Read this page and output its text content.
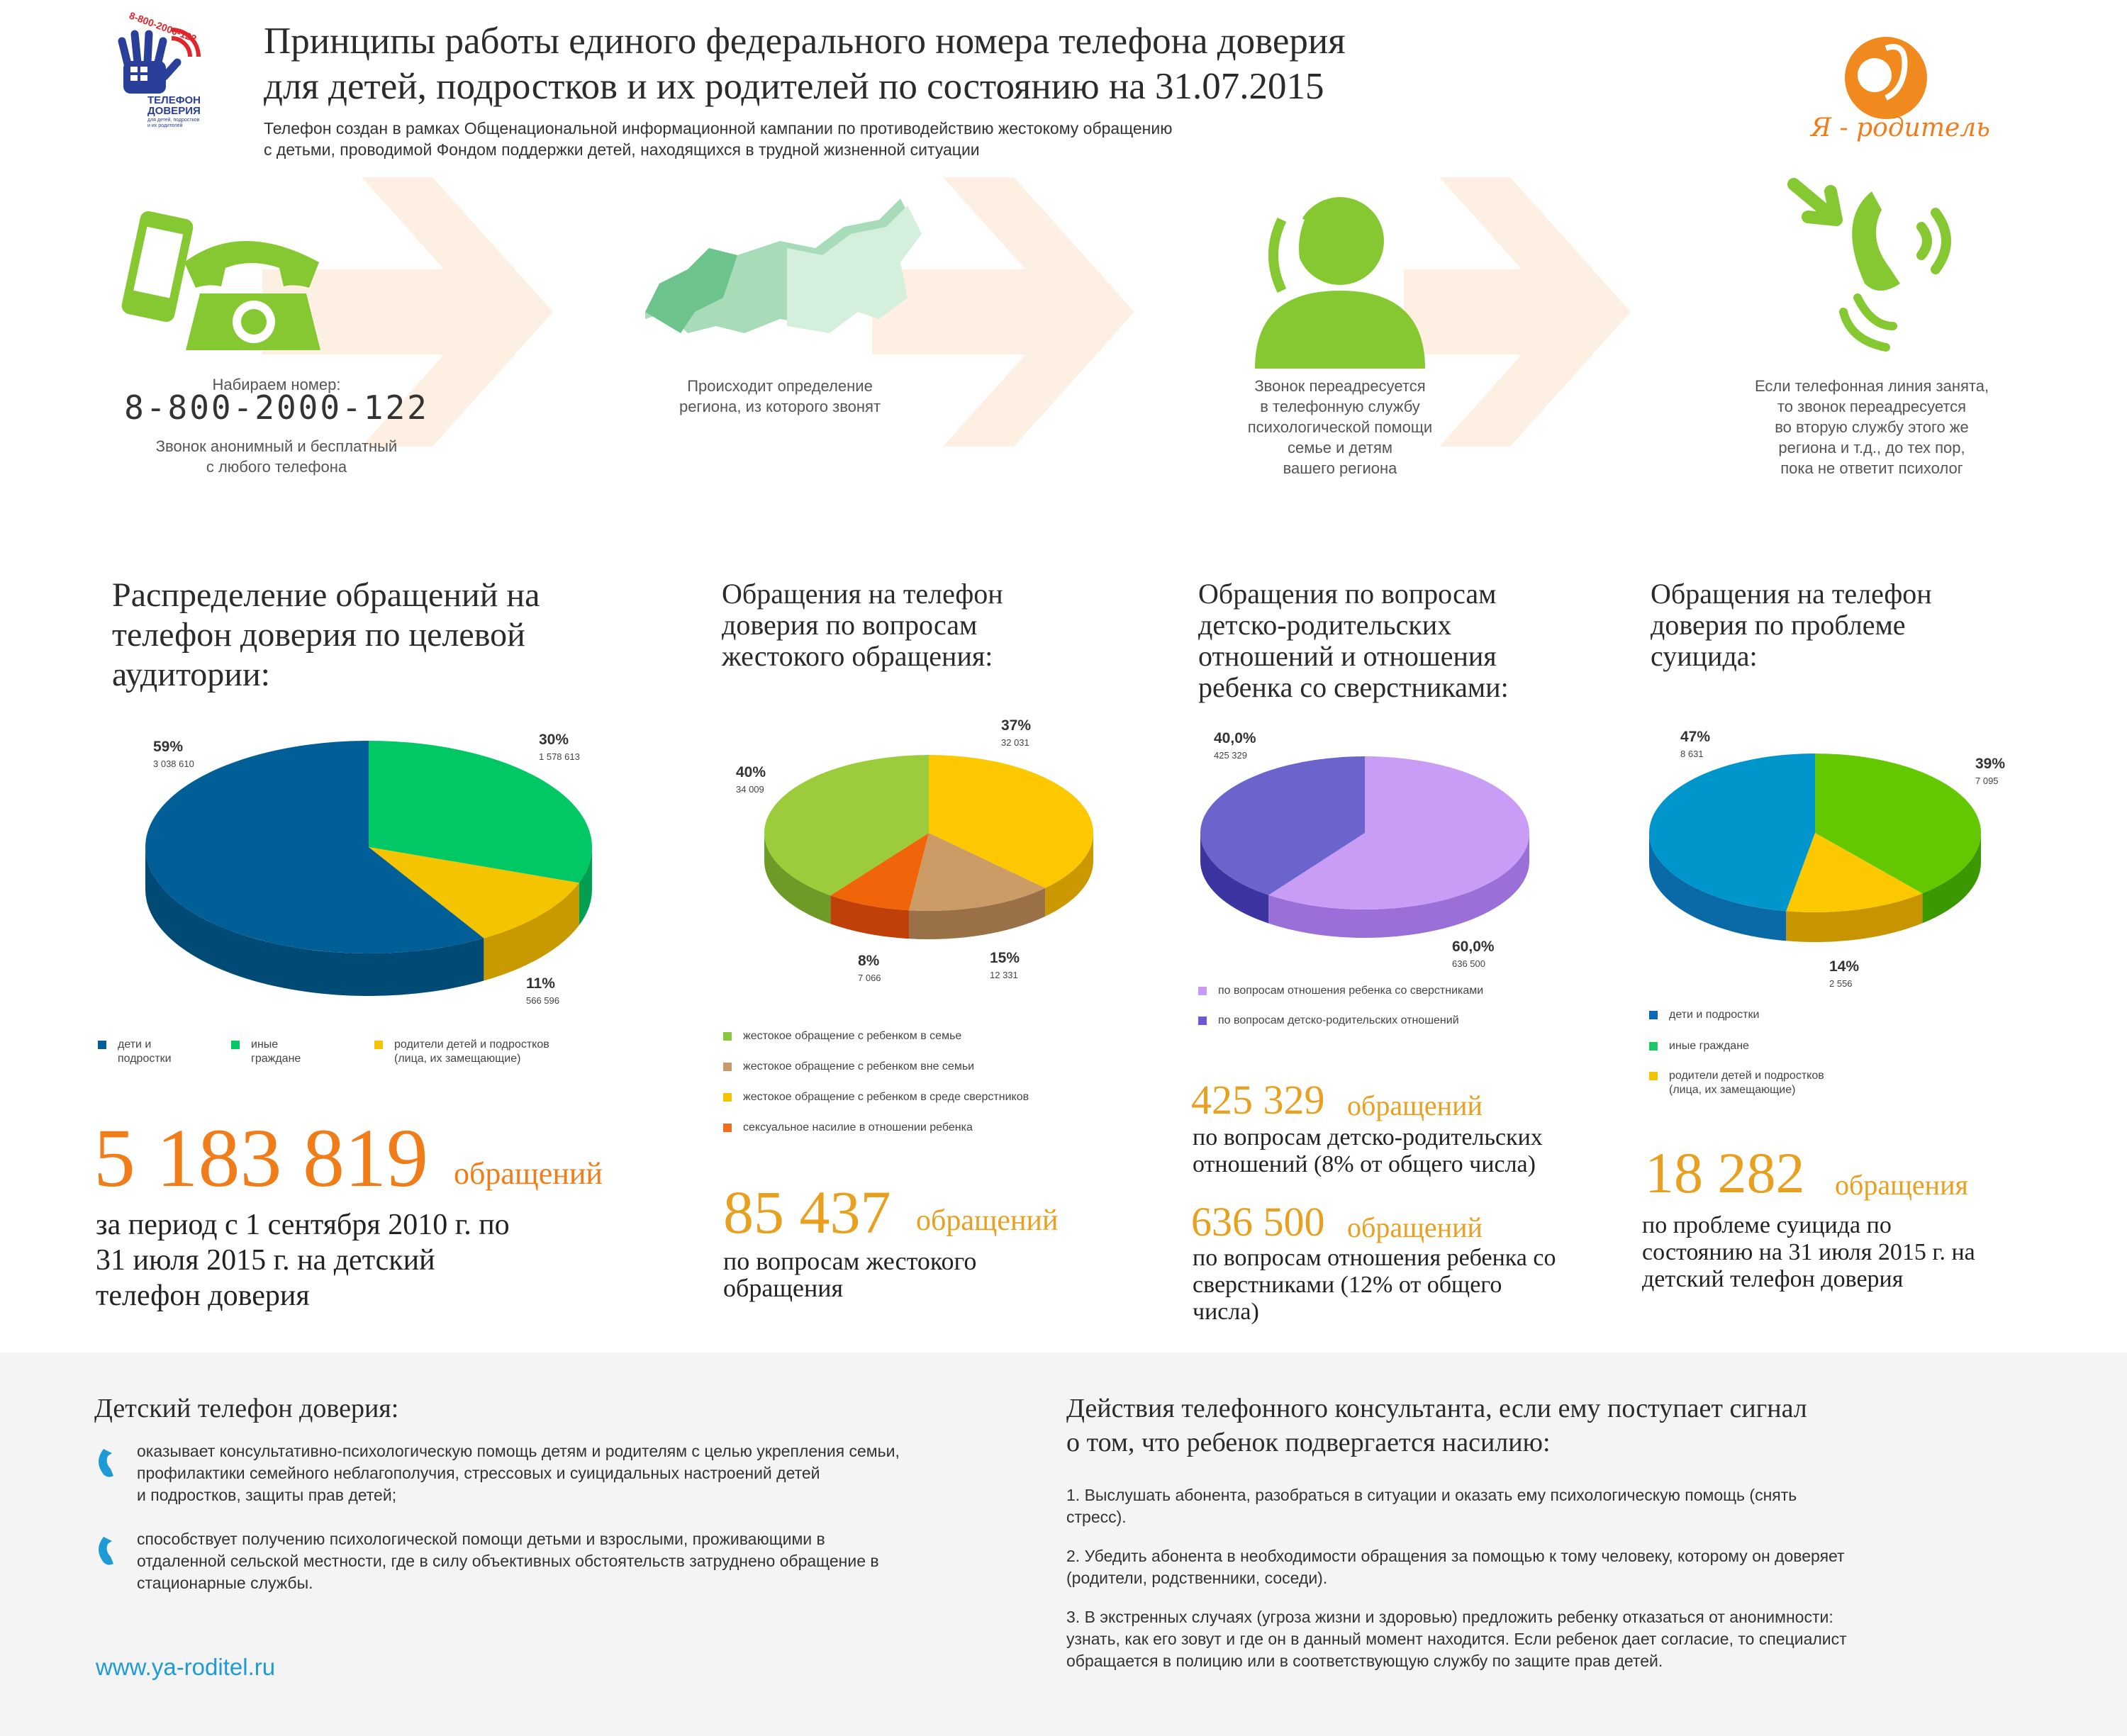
8-800-2000-122
ТЕЛЕФОН
ДОВЕРИЯ
для детей, подростков
и их родителей
Принципы работы единого федерального номера телефона доверия
для детей, подростков и их родителей по состоянию на 31.07.2015
Телефон создан в рамках Общенациональной информационной кампании по противодействию жестокому обращению
с детьми, проводимой Фондом поддержки детей, находящихся в трудной жизненной ситуации
Я - родитель
Набираем номер:
8-800-2000-122
Звонок анонимный и бесплатный
с любого телефона
Происходит определение
региона, из которого звонят
Звонок переадресуется
в телефонную службу
психологической помощи
семье и детям
вашего региона
Если телефонная линия занята,
то звонок переадресуется
во вторую службу этого же
региона и т.д., до тех пор,
пока не ответит психолог
Распределение обращений на
телефон доверия по целевой
аудитории:
59%
3 038 610
30%
1 578 613
11%
566 596
дети и
подростки
иные
граждане
родители детей и подростков
(лица, их замещающие)
5 183 819 обращений
за период с 1 сентября 2010 г. по
31 июля 2015 г. на детский
телефон доверия
Обращения на телефон
доверия по вопросам
жестокого обращения:
40%
34 009
37%
32 031
15%
12 331
8%
7 066
жестокое обращение с ребенком в семье
жестокое обращение с ребенком вне семьи
жестокое обращение с ребенком в среде сверстников
сексуальное насилие в отношении ребенка
85 437 обращений
по вопросам жестокого
обращения
Обращения по вопросам
детско-родительских
отношений и отношения
ребенка со сверстниками:
40,0%
425 329
60,0%
636 500
по вопросам отношения ребенка со сверстниками
по вопросам детско-родительских отношений
425 329 обращений
по вопросам детско-родительских
отношений (8% от общего числа)
636 500 обращений
по вопросам отношения ребенка со
сверстниками (12% от общего
числа)
Обращения на телефон
доверия по проблеме
суицида:
47%
8 631
39%
7 095
14%
2 556
дети и подростки
иные граждане
родители детей и подростков
(лица, их замещающие)
18 282 обращения
по проблеме суицида по
состоянию на 31 июля 2015 г. на
детский телефон доверия
Детский телефон доверия:
оказывает консультативно-психологическую помощь детям и родителям с целью укрепления семьи,
профилактики семейного неблагополучия, стрессовых и суицидальных настроений детей
и подростков, защиты прав детей;
способствует получению психологической помощи детьми и взрослыми, проживающими в
отдаленной сельской местности, где в силу объективных обстоятельств затруднено обращение в
стационарные службы.
www.ya-roditel.ru
Действия телефонного консультанта, если ему поступает сигнал
о том, что ребенок подвергается насилию:
1. Выслушать абонента, разобраться в ситуации и оказать ему психологическую помощь (снять
стресс).
2. Убедить абонента в необходимости обращения за помощью к тому человеку, которому он доверяет
(родители, родственники, соседи).
3. В экстренных случаях (угроза жизни и здоровью) предложить ребенку отказаться от анонимности:
узнать, как его зовут и где он в данный момент находится. Если ребенок дает согласие, то специалист
обращается в полицию или в соответствующую службу по защите прав детей.
